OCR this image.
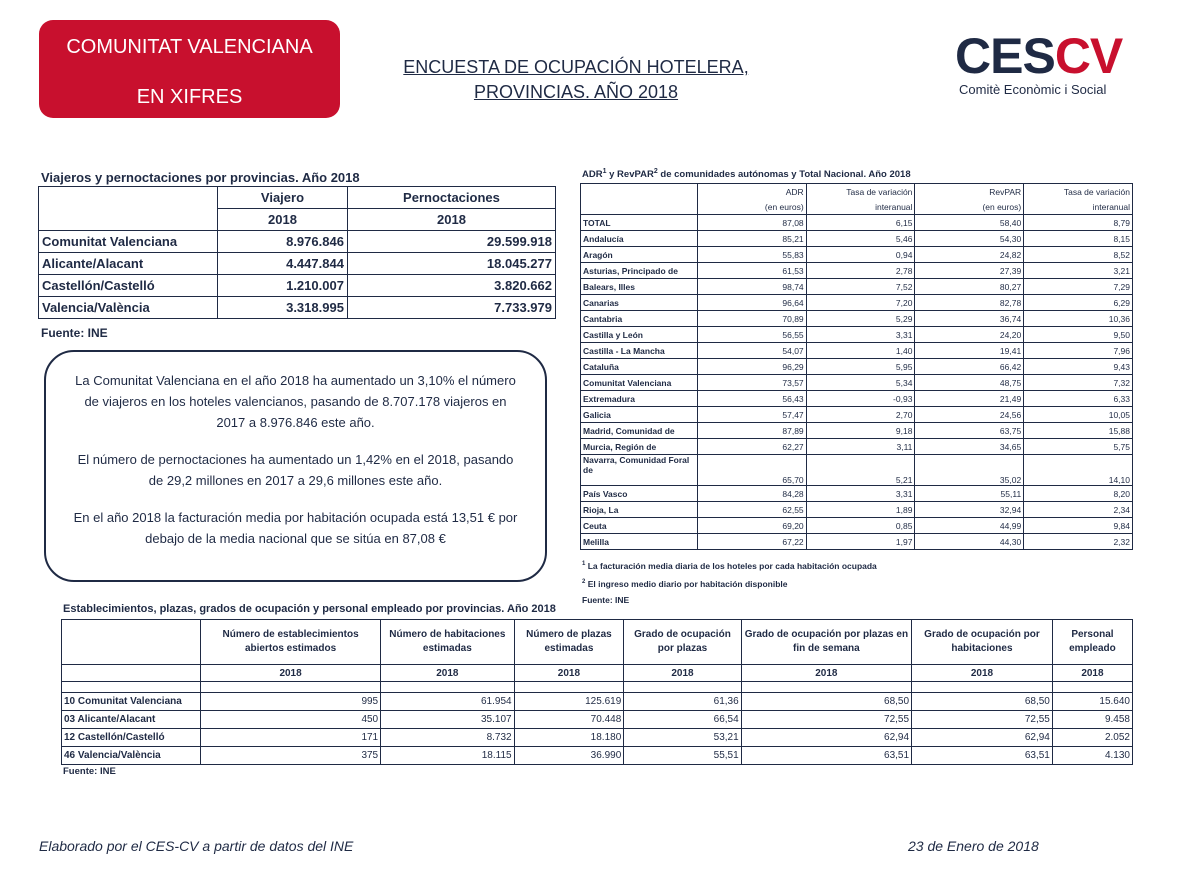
COMUNITAT VALENCIANA
EN XIFRES
ENCUESTA DE OCUPACIÓN HOTELERA,
PROVINCIAS. AÑO 2018
CESCV
Comitè Econòmic i Social
Viajeros y pernoctaciones por provincias. Año 2018
	Viajero	Pernoctaciones
	2018	2018
Comunitat Valenciana	8.976.846	29.599.918
Alicante/Alacant	4.447.844	18.045.277
Castellón/Castelló	1.210.007	3.820.662
Valencia/València	3.318.995	7.733.979
Fuente: INE

La Comunitat Valenciana en el año 2018 ha aumentado un 3,10% el número de viajeros en los hoteles valencianos, pasando de 8.707.178 viajeros en 2017 a 8.976.846 este año.

El número de pernoctaciones ha aumentado un 1,42% en el 2018, pasando de 29,2 millones en 2017 a 29,6 millones este año.

En el año 2018 la facturación media por habitación ocupada está 13,51 € por debajo de la media nacional que se sitúa en 87,08 €

ADR$^1$ y RevPAR$^2$ de comunidades autónomas y Total Nacional. Año 2018
	ADR	Tasa de variación	RevPAR	Tasa de variación
	(en euros)	interanual	(en euros)	interanual
TOTAL	87,08	6,15	58,40	8,79
Andalucía	85,21	5,46	54,30	8,15
Aragón	55,83	0,94	24,82	8,52
Asturias, Principado de	61,53	2,78	27,39	3,21
Balears, Illes	98,74	7,52	80,27	7,29
Canarias	96,64	7,20	82,78	6,29
Cantabria	70,89	5,29	36,74	10,36
Castilla y León	56,55	3,31	24,20	9,50
Castilla - La Mancha	54,07	1,40	19,41	7,96
Cataluña	96,29	5,95	66,42	9,43
Comunitat Valenciana	73,57	5,34	48,75	7,32
Extremadura	56,43	-0,93	21,49	6,33
Galicia	57,47	2,70	24,56	10,05
Madrid, Comunidad de	87,89	9,18	63,75	15,88
Murcia, Región de	62,27	3,11	34,65	5,75
Navarra, Comunidad Foral de	65,70	5,21	35,02	14,10
País Vasco	84,28	3,31	55,11	8,20
Rioja, La	62,55	1,89	32,94	2,34
Ceuta	69,20	0,85	44,99	9,84
Melilla	67,22	1,97	44,30	2,32
$^1$ La facturación media diaria de los hoteles por cada habitación ocupada
$^2$ El ingreso medio diario por habitación disponible
Fuente: INE
Establecimientos, plazas, grados de ocupación y personal empleado por provincias. Año 2018
	Número de establecimientos abiertos estimados	Número de habitaciones estimadas	Número de plazas estimadas	Grado de ocupación por plazas	Grado de ocupación por plazas en fin de semana	Grado de ocupación por habitaciones	Personal empleado
	2018	2018	2018	2018	2018	2018	2018

10 Comunitat Valenciana	995	61.954	125.619	61,36	68,50	68,50	15.640
03 Alicante/Alacant	450	35.107	70.448	66,54	72,55	72,55	9.458
12 Castellón/Castelló	171	8.732	18.180	53,21	62,94	62,94	2.052
46 Valencia/València	375	18.115	36.990	55,51	63,51	63,51	4.130
Fuente: INE
Elaborado por el CES-CV a partir de datos del INE	23 de Enero de 2018
